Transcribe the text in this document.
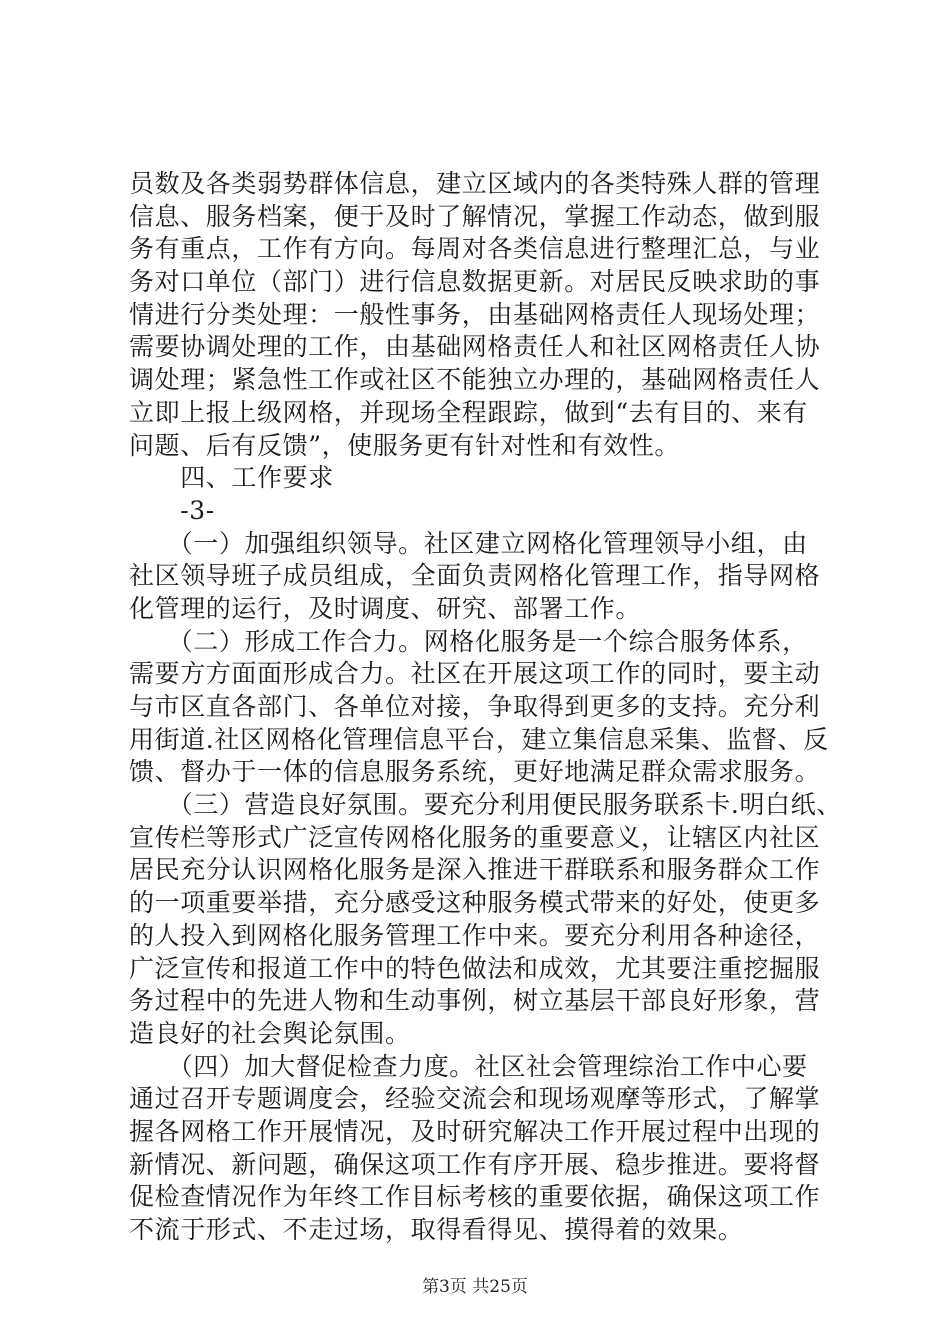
员数及各类弱势群体信息，建立区域内的各类特殊人群的管理
信息、服务档案，便于及时了解情况，掌握工作动态，做到服
务有重点，工作有方向。每周对各类信息进行整理汇总，与业
务对口单位（部门）进行信息数据更新。对居民反映求助的事
情进行分类处理：一般性事务，由基础网格责任人现场处理；
需要协调处理的工作，由基础网格责任人和社区网格责任人协
调处理；紧急性工作或社区不能独立办理的，基础网格责任人
立即上报上级网格，并现场全程跟踪，做到“去有目的、来有
问题、后有反馈”，使服务更有针对性和有效性。
　　四、工作要求
　　-3-
　　（一）加强组织领导。社区建立网格化管理领导小组，由
社区领导班子成员组成，全面负责网格化管理工作，指导网格
化管理的运行，及时调度、研究、部署工作。
　　（二）形成工作合力。网格化服务是一个综合服务体系，
需要方方面面形成合力。社区在开展这项工作的同时，要主动
与市区直各部门、各单位对接，争取得到更多的支持。充分利
用街道.社区网格化管理信息平台，建立集信息采集、监督、反
馈、督办于一体的信息服务系统，更好地满足群众需求服务。
　　（三）营造良好氛围。要充分利用便民服务联系卡.明白纸、
宣传栏等形式广泛宣传网格化服务的重要意义，让辖区内社区
居民充分认识网格化服务是深入推进干群联系和服务群众工作
的一项重要举措，充分感受这种服务模式带来的好处，使更多
的人投入到网格化服务管理工作中来。要充分利用各种途径，
广泛宣传和报道工作中的特色做法和成效，尤其要注重挖掘服
务过程中的先进人物和生动事例，树立基层干部良好形象，营
造良好的社会舆论氛围。
　　（四）加大督促检查力度。社区社会管理综治工作中心要
通过召开专题调度会，经验交流会和现场观摩等形式，了解掌
握各网格工作开展情况，及时研究解决工作开展过程中出现的
新情况、新问题，确保这项工作有序开展、稳步推进。要将督
促检查情况作为年终工作目标考核的重要依据，确保这项工作
不流于形式、不走过场，取得看得见、摸得着的效果。
第3页 共25页
